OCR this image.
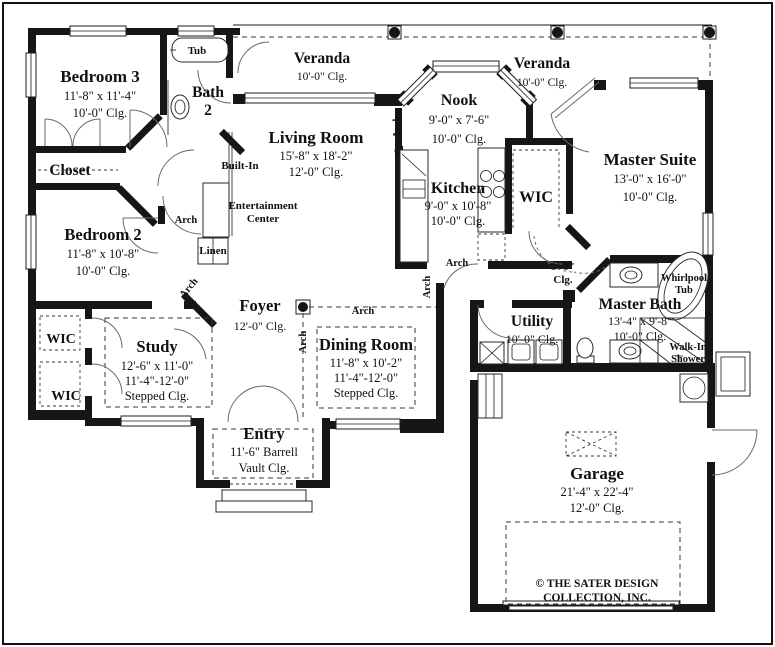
Bedroom 3
11'-8" x 11'-4"
10'-0" Clg.
Tub
Bath
2
Closet
Bedroom 2
11'-8" x 10'-8"
10'-0" Clg.
WIC
WIC
Study
12'-6" x 11'-0"
11'-4"-12'-0"
Stepped Clg.
Veranda
10'-0" Clg.
Living Room
15'-8" x 18'-2"
12'-0" Clg.
Built-In
Entertainment
Center
Linen
Arch
Arch
Arch
Arch
Arch
Arch
Arch
Nook
9'-0" x 7'-6"
10'-0" Clg.
Kitchen
9'-0" x 10'-8"
10'-0" Clg.
WIC
Veranda
10'-0" Clg.
Master Suite
13'-0" x 16'-0"
10'-0" Clg.
9'-0"
Clg.
Master Bath
13'-4" x 9'-8"
10'-0" Clg.
Whirlpool
Tub
Walk-In
Shower
Utility
10'-0" Clg.
Foyer
12'-0" Clg.
Dining Room
11'-8" x 10'-2"
11'-4"-12'-0"
Stepped Clg.
Entry
11'-6" Barrell
Vault Clg.	Garage
21'-4" x 22'-4"
12'-0" Clg.
© THE SATER DESIGN
COLLECTION, INC.
